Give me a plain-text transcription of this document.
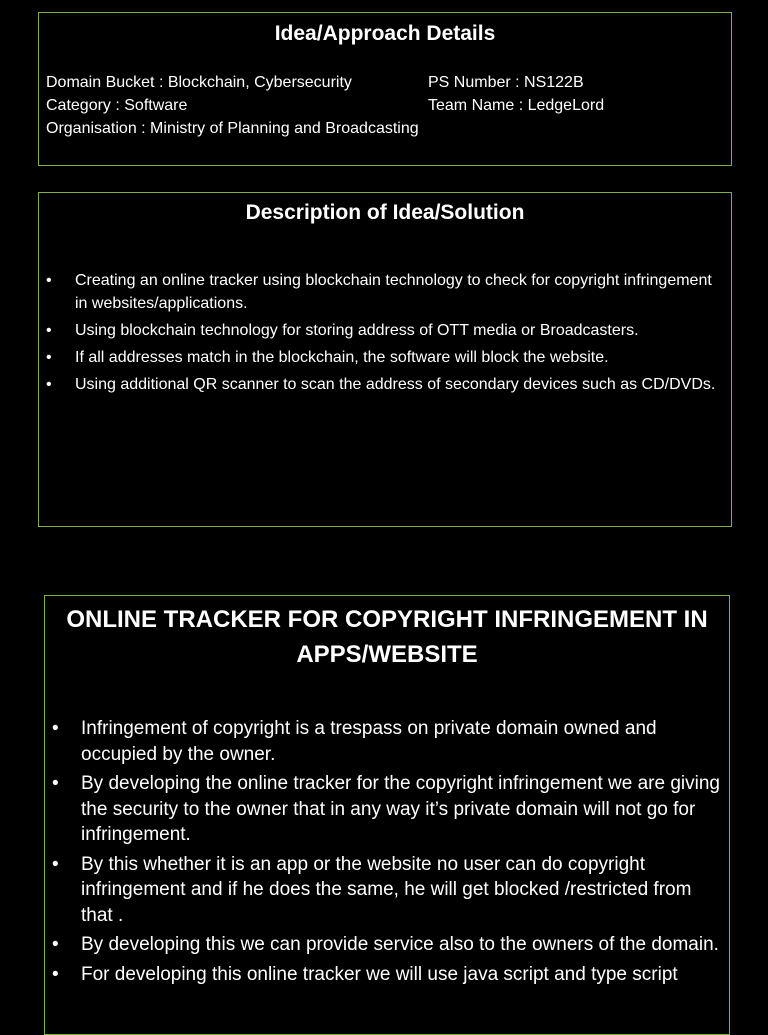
Idea/Approach Details
Domain Bucket : Blockchain, Cybersecurity	PS Number : NS122B
Category : Software	Team Name : LedgeLord
Organisation : Ministry of Planning and Broadcasting
Description of Idea/Solution
• Creating an online tracker using blockchain technology to check for copyright infringement in websites/applications.
• Using blockchain technology for storing address of OTT media or Broadcasters.
• If all addresses match in the blockchain, the software will block the website.
• Using additional QR scanner to scan the address of secondary devices such as CD/DVDs.
ONLINE TRACKER FOR COPYRIGHT INFRINGEMENT IN APPS/WEBSITE
• Infringement of copyright is a trespass on private domain owned and occupied by the owner.
• By developing the online tracker for the copyright infringement we are giving the security to the owner that in any way it’s private domain will not go for infringement.
• By this whether it is an app or the website no user can do copyright infringement and if he does the same, he will get blocked /restricted from that .
• By developing this we can provide service also to the owners of the domain.
• For developing this online tracker we will use java script and type script
